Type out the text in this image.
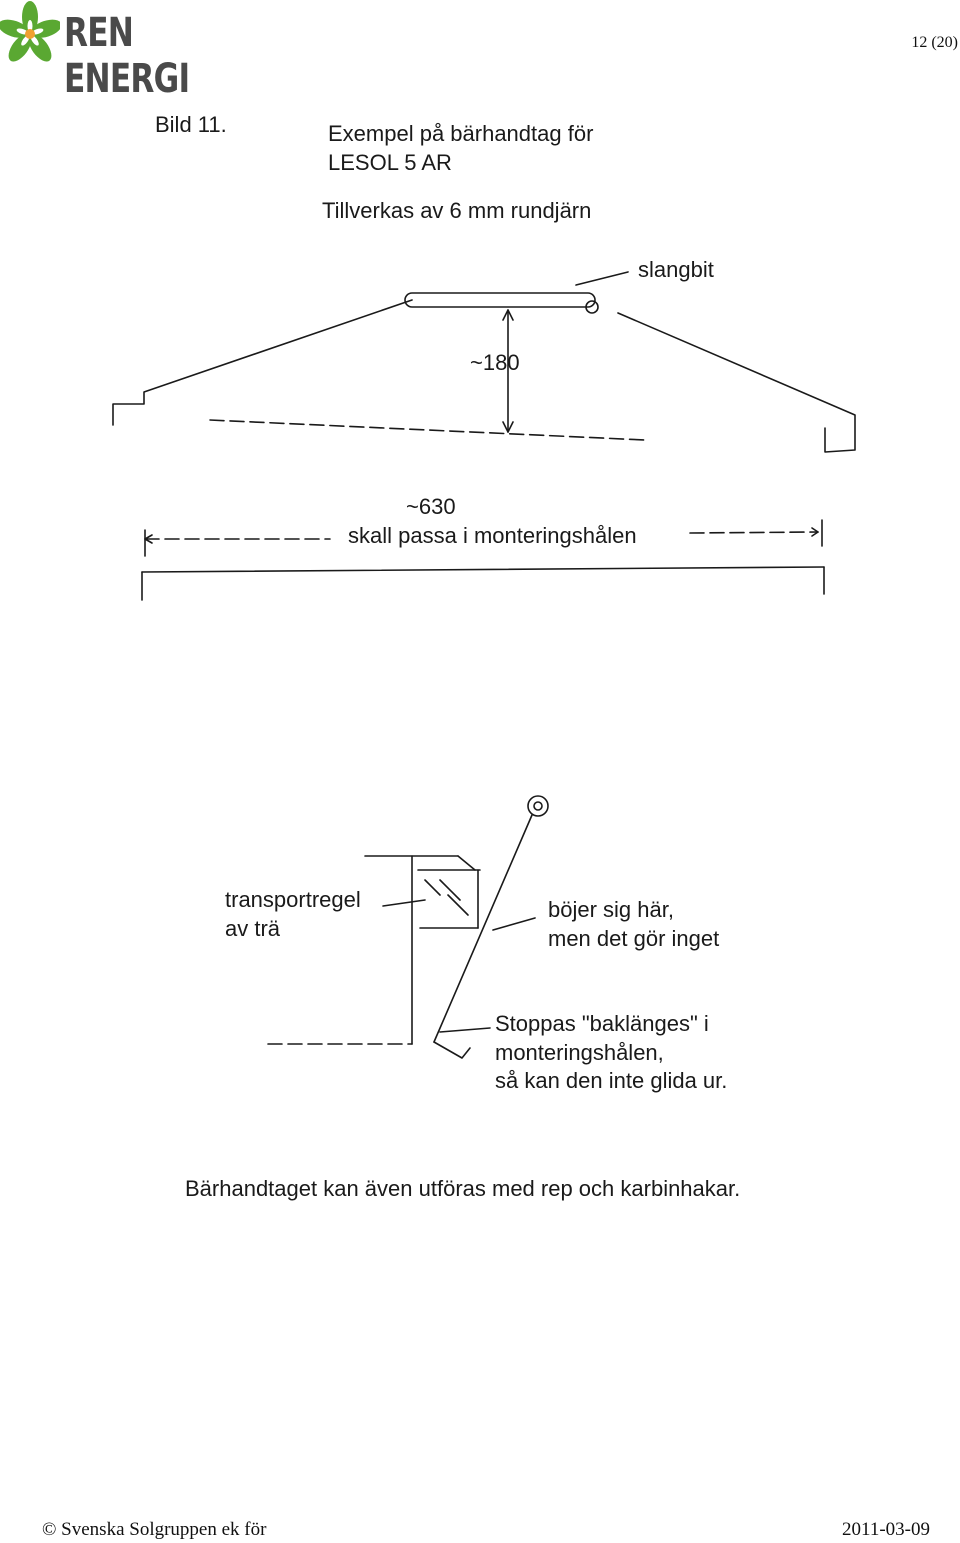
REN ENERGI
12 (20)
Bild 11.	Exempel på bärhandtag för
LESOL 5 AR
Tillverkas av 6 mm rundjärn
slangbit
~180
~630
skall passa i monteringshålen
transportregel
av trä
böjer sig här,
men det gör inget
Stoppas "baklänges" i
monteringshålen,
så kan den inte glida ur.
Bärhandtaget kan även utföras med rep och karbinhakar.
© Svenska Solgruppen ek för	2011-03-09
